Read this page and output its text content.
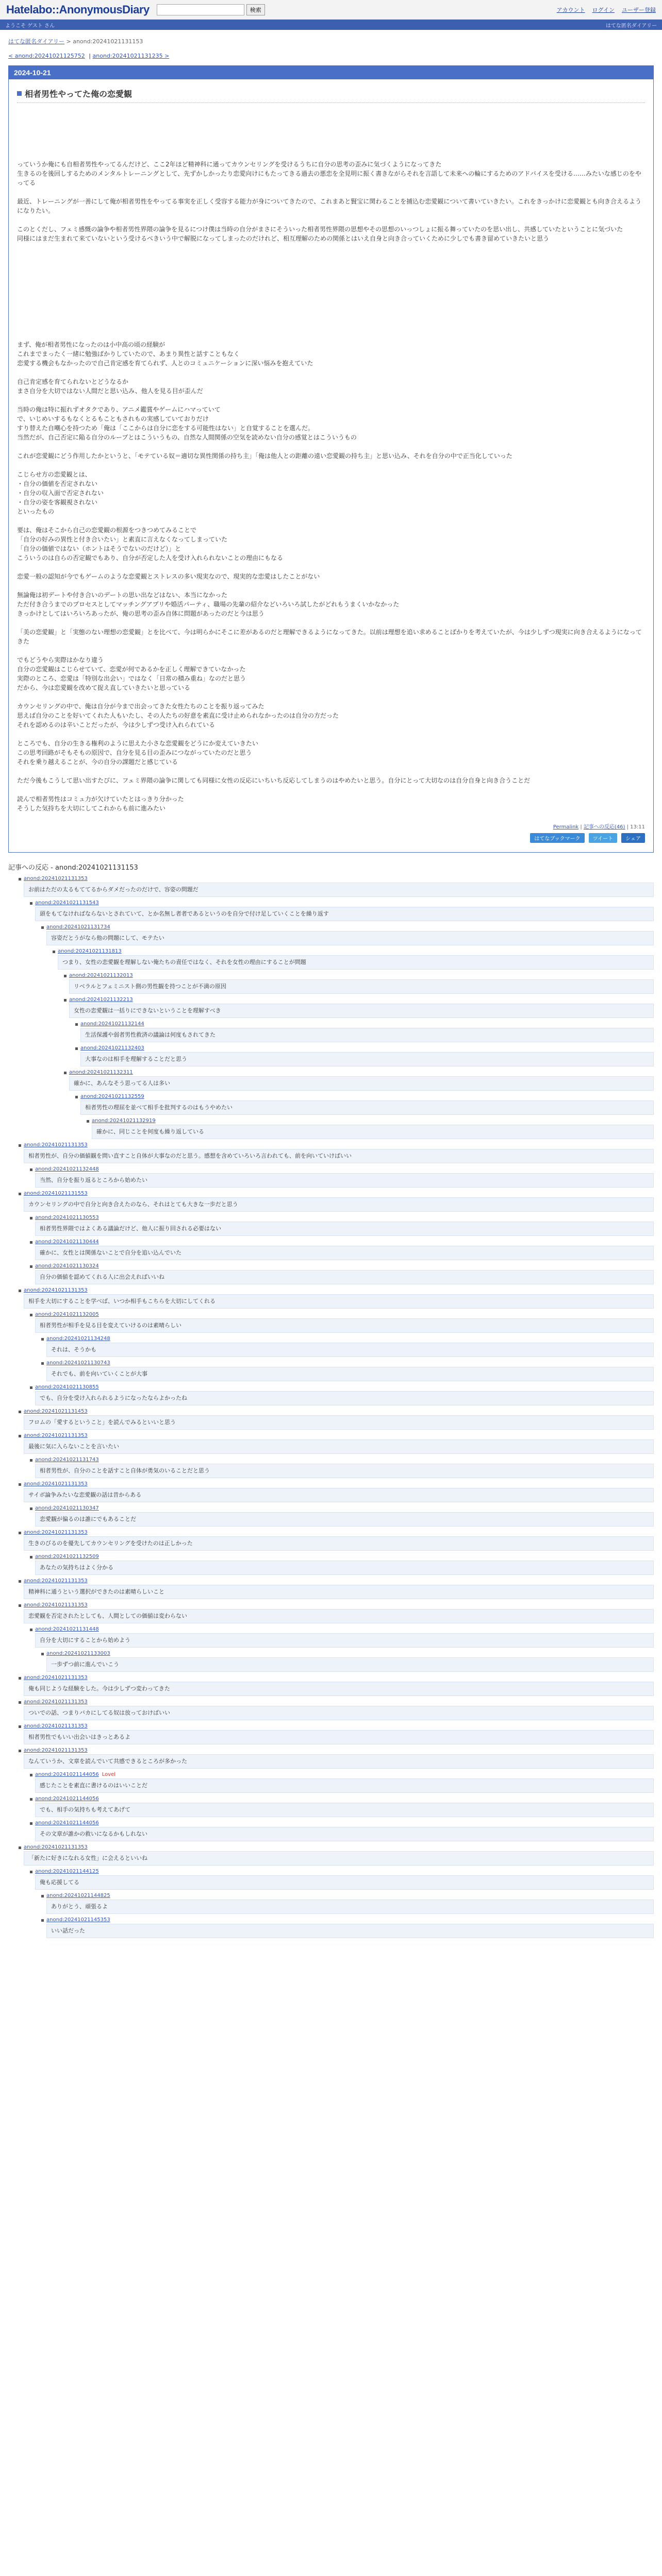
Hatelabo::AnonymousDiary	検索	アカウント ログイン ユーザー登録
ようこそ ゲスト さん	はてな匿名ダイアリー
はてな匿名ダイアリー > anond:20241021131153
< anond:20241021125752 | anond:20241021131235 >
2024-10-21
相者男性やってた俺の恋愛観

っていうか俺にも自相者男性やってるんだけど、ここ2年ほど精神科に通ってカウンセリングを受けるうちに自分の思考の歪みに気づくようになってきた
生きるのを後回しするためのメンタルトレーニングとして、先ずかしかったり恋愛向けにもたってきる過去の悪恋を全見明に振く書きながらそれを言語して未来への輪にするためのアドバイスを受ける……みたいな感じのをやってる

最近、トレーニングが一善にして俺が相者男性をやってる事実を正しく受容する能力が身についてきたので、これまあと賢宝に関わることを捕込む恋愛観について書いていきたい。これをきっかけに恋愛観とも向き合えるようになりたい。

このとくだし、フェミ感慨の論争や相者男性界隈の論争を見るにつけ僕は当時の自分がまさにそういった相者男性界隈の思想やその思想のいっつしょに振る舞っていたのを思い出し、共感していたということに気づいた
同様にはまだ生まれて来ていないという受けるべきいう中で解脱になってしまったのだけれど、相互理解のための関係とはいえ自身と向き合っていくために少しでも書き留めていきたいと思う

まず、俺が相者男性になったのは小中高の頃の経験が
これまでまったく一緒に勉強ばかりしていたので、あまり異性と話すこともなく
恋愛する機会もなかったので自己肯定感を育てられず、人とのコミュニケーションに深い悩みを抱えていた

自己肯定感を育てられないとどうなるか
まさ自分を大切ではない人間だと思い込み、他人を見る目が歪んだ

当時の俺は特に振れずオタクであり、アニメ鑑賞やゲームにハマっていて
で、いじめいするもなくとるもこともされもの実感していておりだけ
すり替えた自嘲心を持つため「俺は「ここからは自分に恋をする可能性はない」と自覚することを選んだ。
当然だが、自己否定に陥る自分のループとはこういうもの、自然な人間関係の空気を読めない自分の感覚とはこういうもの

これが恋愛観にどう作用したかというと、「モテている奴＝適切な異性関係の持ち主」「俺は他人との距離の遠い恋愛観の持ち主」と思い込み、それを自分の中で正当化していった

こじらせ方の恋愛観とは、
・自分の価値を否定されない
・自分の収入面で否定されない
・自分の姿を客観視されない
といったもの

要は、俺はそこから自己の恋愛観の根源をつきつめてみることで
「自分の好みの異性と付き合いたい」と素直に言えなくなってしまっていた
「自分の価値ではない（ホントはそうでないのだけど）」と
こういうのは自らの否定観でもあり、自分が否定した人を受け入れられないことの理由にもなる

恋愛一般の認知が今でもゲームのような恋愛観とストレスの多い現実なので、現実的な恋愛はしたことがない

無論俺は初デートや付き合いのデートの思い出などはない、本当になかった
ただ付き合うまでのプロセスとしてマッチングアプリや婚活パーティ、職場の先輩の紹介などいろいろ試したがどれもうまくいかなかった
きっかけとしてはいろいろあったが、俺の思考の歪み自体に問題があったのだと今は思う

「美の恋愛観」と「実態のない理想の恋愛観」とを比べて、今は明らかにそこに差があるのだと理解できるようになってきた。以前は理想を追い求めることばかりを考えていたが、今は少しずつ現実に向き合えるようになってきた

でもどうやら実際はかなり違う
自分の恋愛観はこじらせていて、恋愛が何であるかを正しく理解できていなかった
実際のところ、恋愛は「特別な出会い」ではなく「日常の積み重ね」なのだと思う
だから、今は恋愛観を改めて捉え直していきたいと思っている

カウンセリングの中で、俺は自分が今まで出会ってきた女性たちのことを振り返ってみた
思えば自分のことを好いてくれた人もいたし、その人たちの好意を素直に受け止められなかったのは自分の方だった
それを認めるのは辛いことだったが、今は少しずつ受け入れられている

ところでも、自分の生きる権利のように思えた小さな恋愛観をどうにか変えていきたい
この思考回路がそもそもの原因で、自分を見る目の歪みにつながっていたのだと思う
それを乗り越えることが、今の自分の課題だと感じている

ただ今後もこうして思い出すたびに、フェミ界隈の論争に関しても同様に女性の反応にいちいち反応してしまうのはやめたいと思う。自分にとって大切なのは自分自身と向き合うことだ

読んで相者男性はコミュ力が欠けていたとはっきり分かった
そうした気持ちを大切にしてこれからも前に進みたい

Permalink | 記事への反応(46) | 13:11
はてなブックマーク	ツイート	シェア
記事への反応 - anond:20241021131153
anond:20241021131353
お前はただの太るもててるからダメだったのだけで、容姿の問題だ
anond:20241021131543
頭をもてなければならないとされていて、とか名無し者者であるというのを自分で付け足していくことを繰り返す
anond:20241021131734
容姿だとうがなら他の問題にして、モテたい
anond:20241021131813
つまり、女性の恋愛観を理解しない俺たちの責任ではなく、それを女性の理由にすることが問題
anond:20241021132013
リベラルとフェミニスト側の男性観を持つことが不満の原因
anond:20241021132213
女性の恋愛観は一括りにできないということを理解すべき
anond:20241021132144
生活保護や弱者男性救済の議論は何度もされてきた
anond:20241021132403
大事なのは相手を理解することだと思う
anond:20241021132311
確かに、あんなそう思ってる人は多い
anond:20241021132559
相者男性の理屈を並べて相手を批判するのはもうやめたい
anond:20241021132919
確かに、同じことを何度も繰り返している
anond:20241021131353
相者男性が、自分の価値観を問い直すこと自体が大事なのだと思う。感想を含めていろいろ言われても、前を向いていけばいい
anond:20241021132448
当然、自分を振り返るところから始めたい
anond:20241021131553
カウンセリングの中で自分と向き合えたのなら、それはとても大きな一歩だと思う
anond:20241021130553
相者男性界隈ではよくある議論だけど、他人に振り回される必要はない
anond:20241021130444
確かに、女性とは関係ないことで自分を追い込んでいた
anond:20241021130324
自分の価値を認めてくれる人に出会えればいいね
anond:20241021131353
相手を大切にすることを学べば、いつか相手もこちらを大切にしてくれる
anond:20241021132005
相者男性が相手を見る目を変えていけるのは素晴らしい
anond:20241021134248
それは、そうかも
anond:20241021130743
それでも、前を向いていくことが大事
anond:20241021130855
でも、自分を受け入れられるようになったならよかったね
anond:20241021131453
フロムの「愛するということ」を読んでみるといいと思う
anond:20241021131353
最後に気に入らないことを言いたい
anond:20241021131743
相者男性が、自分のことを話すこと自体が勇気のいることだと思う
anond:20241021131353
サイボ論争みたいな恋愛観の話は昔からある
anond:20241021130347
恋愛観が偏るのは誰にでもあることだ
anond:20241021131353
生きのびるのを優先してカウンセリングを受けたのは正しかった
anond:20241021132509
あなたの気持ちはよく分かる
anond:20241021131353
精神科に通うという選択ができたのは素晴らしいこと
anond:20241021131353
恋愛観を否定されたとしても、人間としての価値は変わらない
anond:20241021131448
自分を大切にすることから始めよう
anond:20241021133003
一歩ずつ前に進んでいこう
anond:20241021131353
俺も同じような経験をした。今は少しずつ変わってきた
anond:20241021131353
ついでの話、つまりバカにしてる奴は放っておけばいい
anond:20241021131353
相者男性でもいい出会いはきっとあるよ
anond:20241021131353
なんていうか、文章を読んでいて共感できるところが多かった
anond:20241021144056 Lovel
感じたことを素直に書けるのはいいことだ
anond:20241021144056
でも、相手の気持ちも考えてあげて
anond:20241021144056
その文章が誰かの救いになるかもしれない
anond:20241021131353
「新たに好きになれる女性」に会えるといいね
anond:20241021144125
俺も応援してる
anond:20241021144825
ありがとう、頑張るよ
anond:20241021145353
いい話だった
